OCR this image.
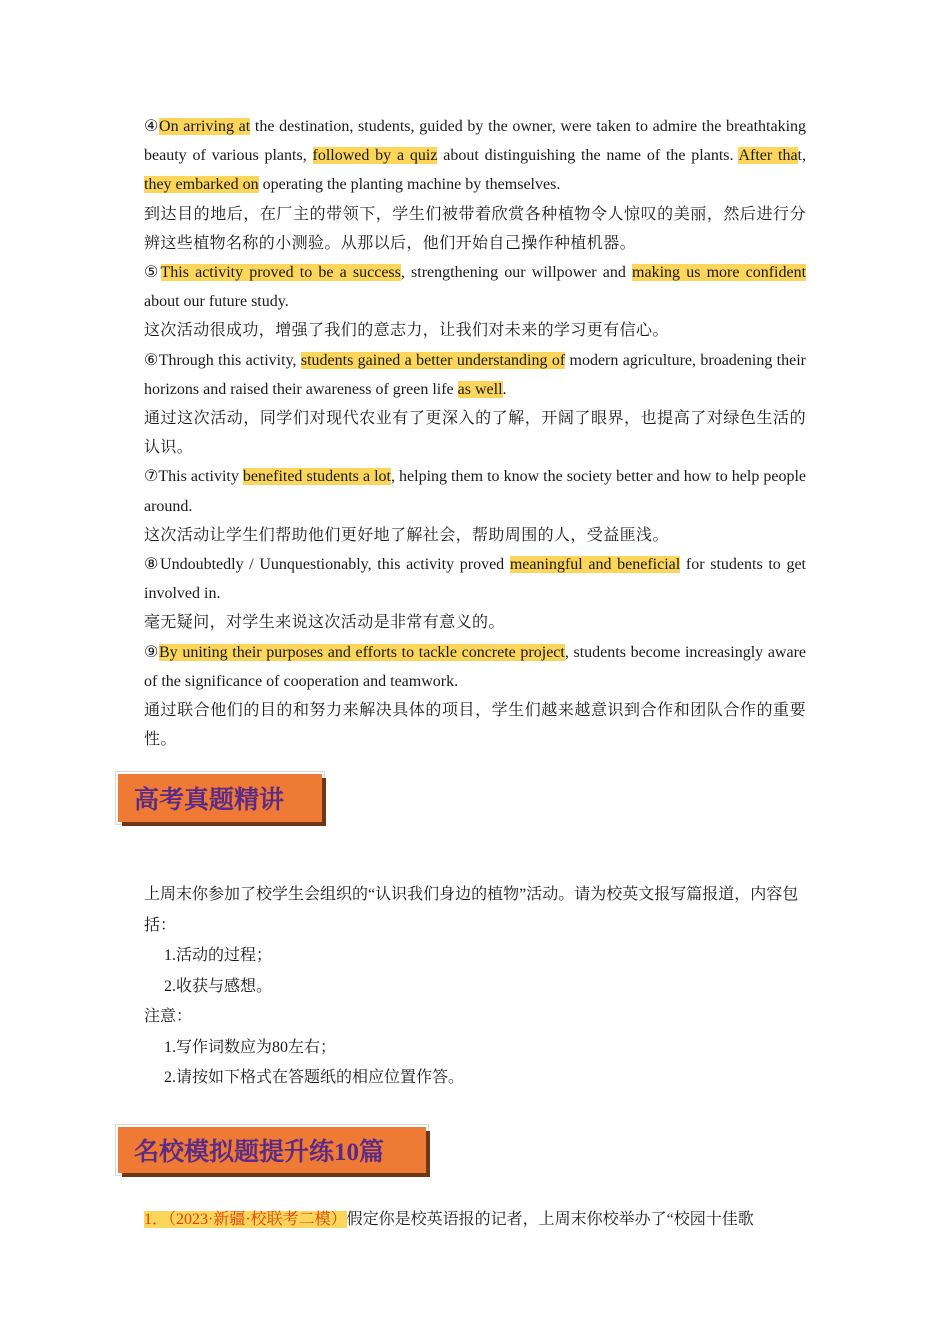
④On arriving at the destination, students, guided by the owner, were taken to admire the breathtaking beauty of various plants, followed by a quiz about distinguishing the name of the plants. After that, they embarked on operating the planting machine by themselves.

到达目的地后，在厂主的带领下，学生们被带着欣赏各种植物令人惊叹的美丽，然后进行分辨这些植物名称的小测验。从那以后，他们开始自己操作种植机器。

⑤This activity proved to be a success, strengthening our willpower and making us more confident about our future study.

这次活动很成功，增强了我们的意志力，让我们对未来的学习更有信心。

⑥Through this activity, students gained a better understanding of modern agriculture, broadening their horizons and raised their awareness of green life as well.

通过这次活动，同学们对现代农业有了更深入的了解，开阔了眼界，也提高了对绿色生活的认识。

⑦This activity benefited students a lot, helping them to know the society better and how to help people around.

这次活动让学生们帮助他们更好地了解社会，帮助周围的人，受益匪浅。

⑧Undoubtedly / Uunquestionably, this activity proved meaningful and beneficial for students to get involved in.

毫无疑问，对学生来说这次活动是非常有意义的。

⑨By uniting their purposes and efforts to tackle concrete project, students become increasingly aware of the significance of cooperation and teamwork.

通过联合他们的目的和努力来解决具体的项目，学生们越来越意识到合作和团队合作的重要性。

高考真题精讲

上周末你参加了校学生会组织的“认识我们身边的植物”活动。请为校英文报写篇报道，内容包括：

1.活动的过程；

2.收获与感想。

注意：

1.写作词数应为80左右；

2.请按如下格式在答题纸的相应位置作答。

名校模拟题提升练10篇
1．（2023·新疆·校联考二模）假定你是校英语报的记者，上周末你校举办了“校园十佳歌
